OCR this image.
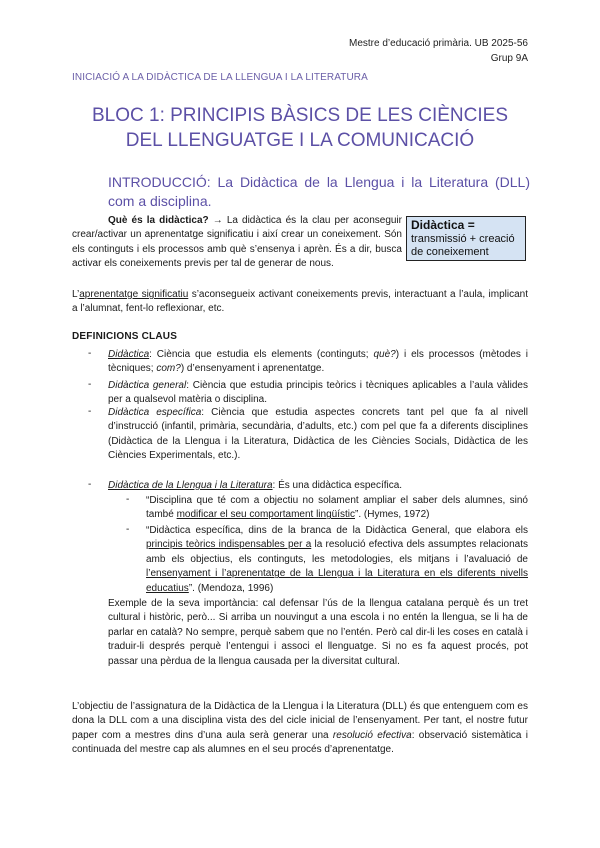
Mestre d’educació primària. UB 2025-56
Grup 9A
INICIACIÓ A LA DIDÀCTICA DE LA LLENGUA I LA LITERATURA
BLOC 1: PRINCIPIS BÀSICS DE LES CIÈNCIES
DEL LLENGUATGE I LA COMUNICACIÓ
INTRODUCCIÓ: La Didàctica de la Llengua i la Literatura (DLL) com a disciplina.
Didàctica =
transmissió + creació de coneixement

Què és la didàctica? → La didàctica és la clau per aconseguir crear/activar un aprenentatge significatiu i així crear un coneixement. Són els continguts i els processos amb què s’ensenya i aprèn. És a dir, busca activar els coneixements previs per tal de generar de nous.

L’aprenentatge significatiu s’aconsegueix activant coneixements previs, interactuant a l’aula, implicant a l’alumnat, fent-lo reflexionar, etc.

DEFINICIONS CLAUS
- Didàctica: Ciència que estudia els elements (continguts; què?) i els processos (mètodes i tècniques; com?) d’ensenyament i aprenentatge.
- Didàctica general: Ciència que estudia principis teòrics i tècniques aplicables a l’aula vàlides per a qualsevol matèria o disciplina.
- Didàctica específica: Ciència que estudia aspectes concrets tant pel que fa al nivell d’instrucció (infantil, primària, secundària, d’adults, etc.) com pel que fa a diferents disciplines (Didàctica de la Llengua i la Literatura, Didàctica de les Ciències Socials, Didàctica de les Ciències Experimentals, etc.).
- Didàctica de la Llengua i la Literatura: És una didàctica específica.
- “Disciplina que té com a objectiu no solament ampliar el saber dels alumnes, sinó també modificar el seu comportament lingüístic”. (Hymes, 1972)
- “Didàctica específica, dins de la branca de la Didàctica General, que elabora els principis teòrics indispensables per a la resolució efectiva dels assumptes relacionats amb els objectius, els continguts, les metodologies, els mitjans i l’avaluació de l’ensenyament i l’aprenentatge de la Llengua i la Literatura en els diferents nivells educatius”. (Mendoza, 1996)

Exemple de la seva importància: cal defensar l’ús de la llengua catalana perquè és un tret cultural i històric, però... Si arriba un nouvingut a una escola i no entén la llengua, se li ha de parlar en català? No sempre, perquè sabem que no l’entén. Però cal dir-li les coses en català i traduir-li després perquè l’entengui i associ el llenguatge. Si no es fa aquest procés, pot passar una pèrdua de la llengua causada per la diversitat cultural.

L’objectiu de l’assignatura de la Didàctica de la Llengua i la Literatura (DLL) és que entenguem com es dona la DLL com a una disciplina vista des del cicle inicial de l’ensenyament. Per tant, el nostre futur paper com a mestres dins d’una aula serà generar una resolució efectiva: observació sistemàtica i continuada del mestre cap als alumnes en el seu procés d’aprenentatge.
